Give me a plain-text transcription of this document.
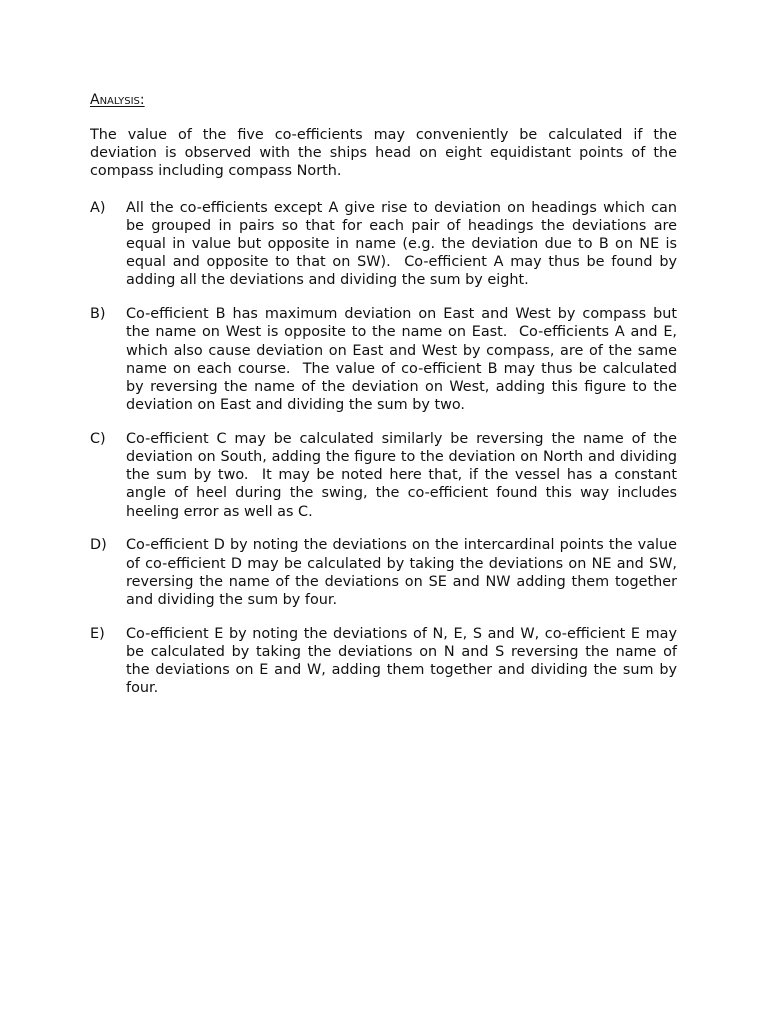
Analysis:

The value of the five co-efficients may conveniently be calculated if the deviation is observed with the ships head on eight equidistant points of the compass including compass North.

A)	All the co-efficients except A give rise to deviation on headings which can be grouped in pairs so that for each pair of headings the deviations are equal in value but opposite in name (e.g. the deviation due to B on NE is equal and opposite to that on SW).  Co-efficient A may thus be found by adding all the deviations and dividing the sum by eight.
B)	Co-efficient B has maximum deviation on East and West by compass but the name on West is opposite to the name on East.  Co-efficients A and E, which also cause deviation on East and West by compass, are of the same name on each course.  The value of co-efficient B may thus be calculated by reversing the name of the deviation on West, adding this figure to the deviation on East and dividing the sum by two.
C)	Co-efficient C may be calculated similarly be reversing the name of the deviation on South, adding the figure to the deviation on North and dividing the sum by two.  It may be noted here that, if the vessel has a constant angle of heel during the swing, the co-efficient found this way includes heeling error as well as C.
D)	Co-efficient D by noting the deviations on the intercardinal points the value of co-efficient D may be calculated by taking the deviations on NE and SW, reversing the name of the deviations on SE and NW adding them together and dividing the sum by four.
E)	Co-efficient E by noting the deviations of N, E, S and W, co-efficient E may be calculated by taking the deviations on N and S reversing the name of the deviations on E and W, adding them together and dividing the sum by four.
